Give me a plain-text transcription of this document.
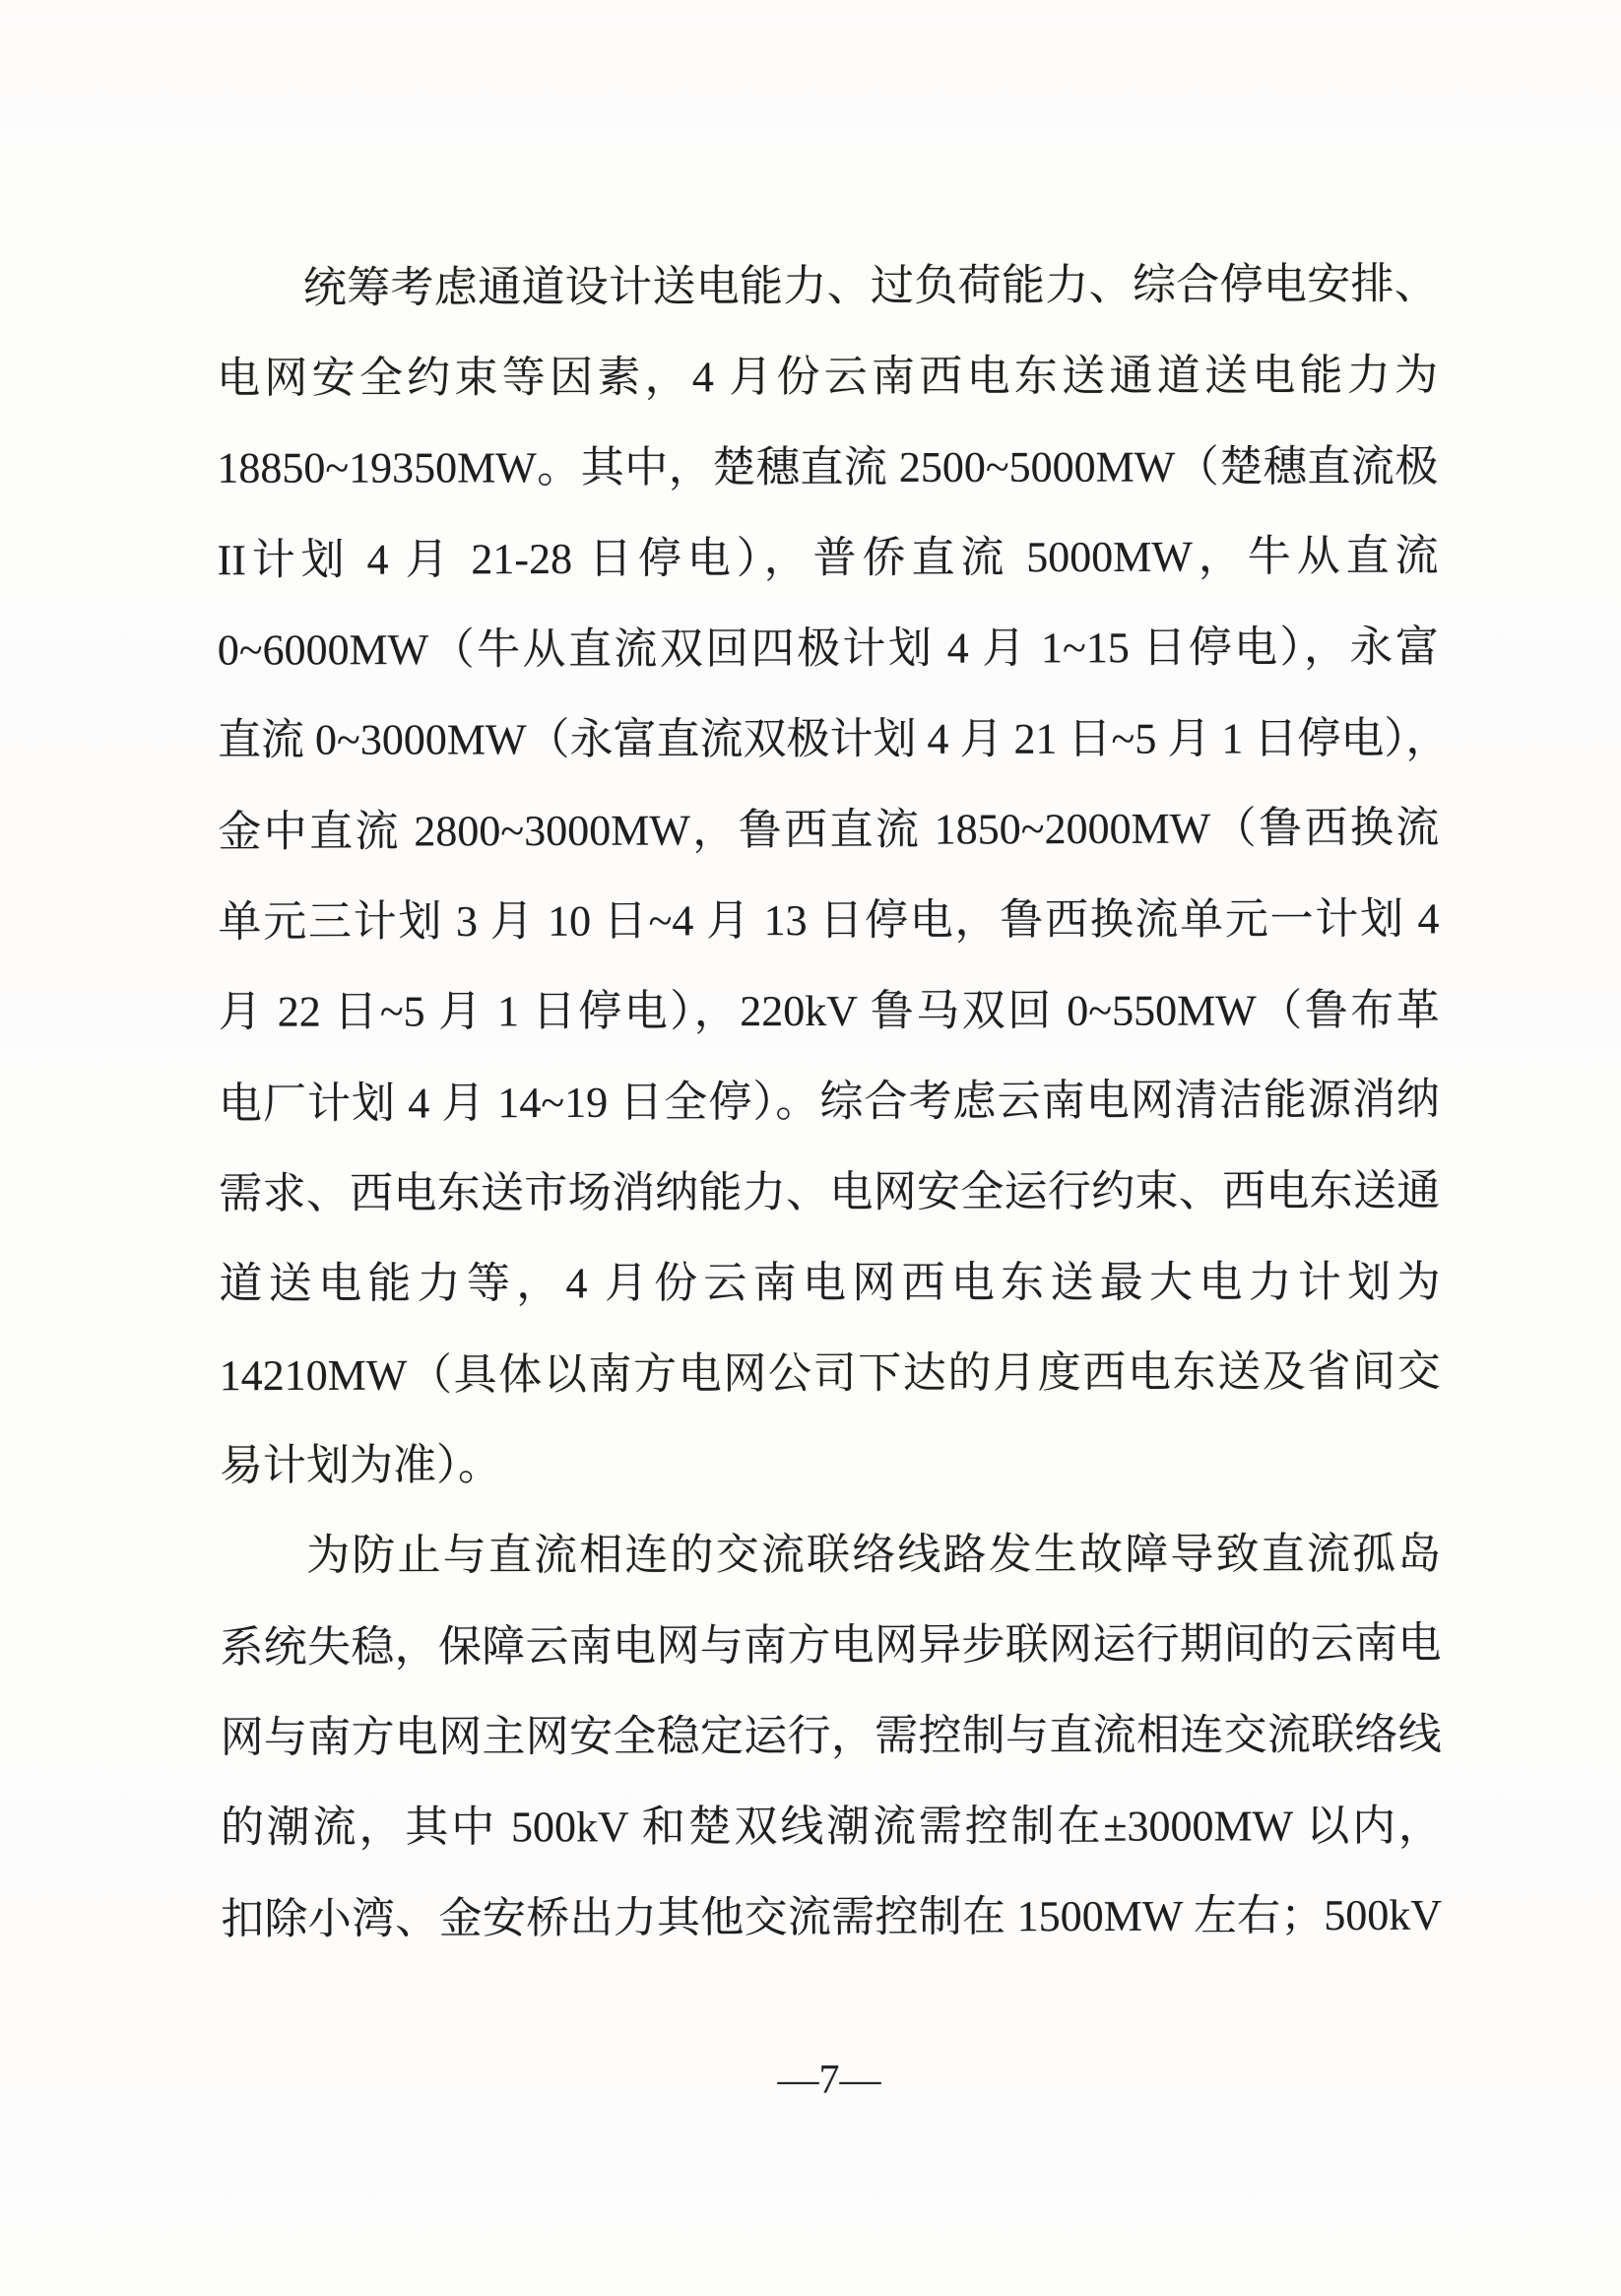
统筹考虑通道设计送电能力、过负荷能力、综合停电安排、

电网安全约束等因素，4 月份云南西电东送通道送电能力为

18850~19350MW。其中，楚穗直流 2500~5000MW（楚穗直流极

II计划 4 月 21-28 日停电），普侨直流 5000MW，牛从直流

0~6000MW（牛从直流双回四极计划 4 月 1~15 日停电），永富

直流 0~3000MW（永富直流双极计划 4 月 21 日~5 月 1 日停电），

金中直流 2800~3000MW，鲁西直流 1850~2000MW（鲁西换流

单元三计划 3 月 10 日~4 月 13 日停电，鲁西换流单元一计划 4

月 22 日~5 月 1 日停电），220kV 鲁马双回 0~550MW（鲁布革

电厂计划 4 月 14~19 日全停）。综合考虑云南电网清洁能源消纳

需求、西电东送市场消纳能力、电网安全运行约束、西电东送通

道送电能力等，4 月份云南电网西电东送最大电力计划为

14210MW（具体以南方电网公司下达的月度西电东送及省间交

易计划为准）。

为防止与直流相连的交流联络线路发生故障导致直流孤岛

系统失稳，保障云南电网与南方电网异步联网运行期间的云南电

网与南方电网主网安全稳定运行，需控制与直流相连交流联络线

的潮流，其中 500kV 和楚双线潮流需控制在±3000MW 以内，

扣除小湾、金安桥出力其他交流需控制在 1500MW 左右；500kV

—7—
